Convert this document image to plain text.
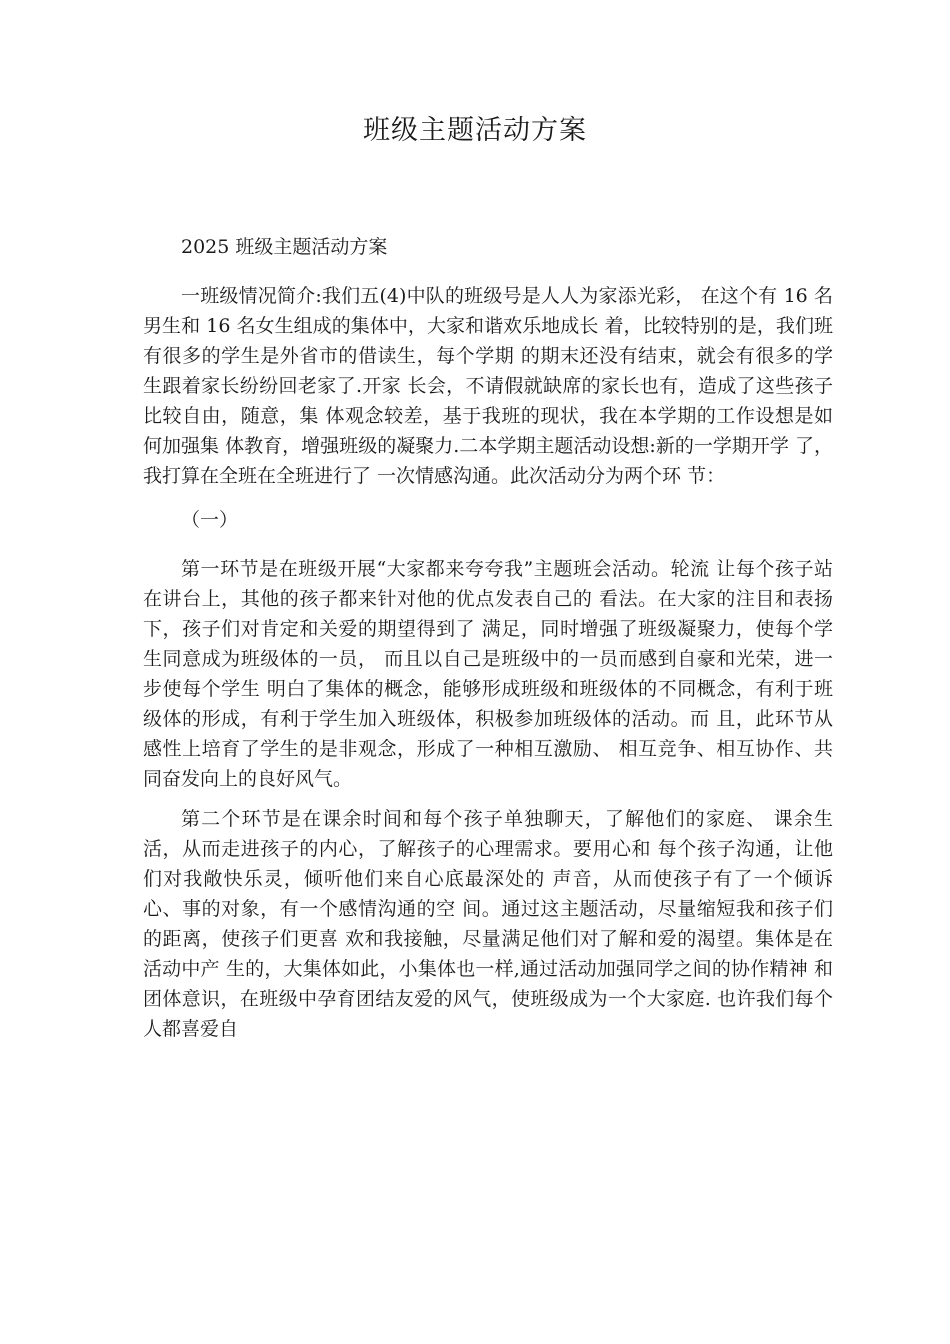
班级主题活动方案

2025 班级主题活动方案

一班级情况简介:我们五(4)中队的班级号是人人为家添光彩， 在这个有 16 名男生和 16 名女生组成的集体中，大家和谐欢乐地成长 着，比较特别的是，我们班有很多的学生是外省市的借读生，每个学期 的期末还没有结束，就会有很多的学生跟着家长纷纷回老家了.开家 长会，不请假就缺席的家长也有，造成了这些孩子比较自由，随意，集 体观念较差，基于我班的现状，我在本学期的工作设想是如何加强集 体教育，增强班级的凝聚力.二本学期主题活动设想:新的一学期开学 了，我打算在全班在全班进行了 一次情感沟通。此次活动分为两个环 节：

（一）

第一环节是在班级开展“大家都来夸夸我”主题班会活动。轮流 让每个孩子站在讲台上，其他的孩子都来针对他的优点发表自己的 看法。在大家的注目和表扬下，孩子们对肯定和关爱的期望得到了 满足，同时增强了班级凝聚力，使每个学生同意成为班级体的一员， 而且以自己是班级中的一员而感到自豪和光荣，进一步使每个学生 明白了集体的概念，能够形成班级和班级体的不同概念，有利于班 级体的形成，有利于学生加入班级体，积极参加班级体的活动。而 且，此环节从感性上培育了学生的是非观念，形成了一种相互激励、 相互竞争、相互协作、共同奋发向上的良好风气。

第二个环节是在课余时间和每个孩子单独聊天，了解他们的家庭、 课余生活，从而走进孩子的内心，了解孩子的心理需求。要用心和 每个孩子沟通，让他们对我敞快乐灵，倾听他们来自心底最深处的 声音，从而使孩子有了一个倾诉心、事的对象，有一个感情沟通的空 间。通过这主题活动，尽量缩短我和孩子们的距离，使孩子们更喜 欢和我接触，尽量满足他们对了解和爱的渴望。集体是在活动中产 生的，大集体如此，小集体也一样,通过活动加强同学之间的协作精神 和团体意识，在班级中孕育团结友爱的风气，使班级成为一个大家庭. 也许我们每个人都喜爱自
